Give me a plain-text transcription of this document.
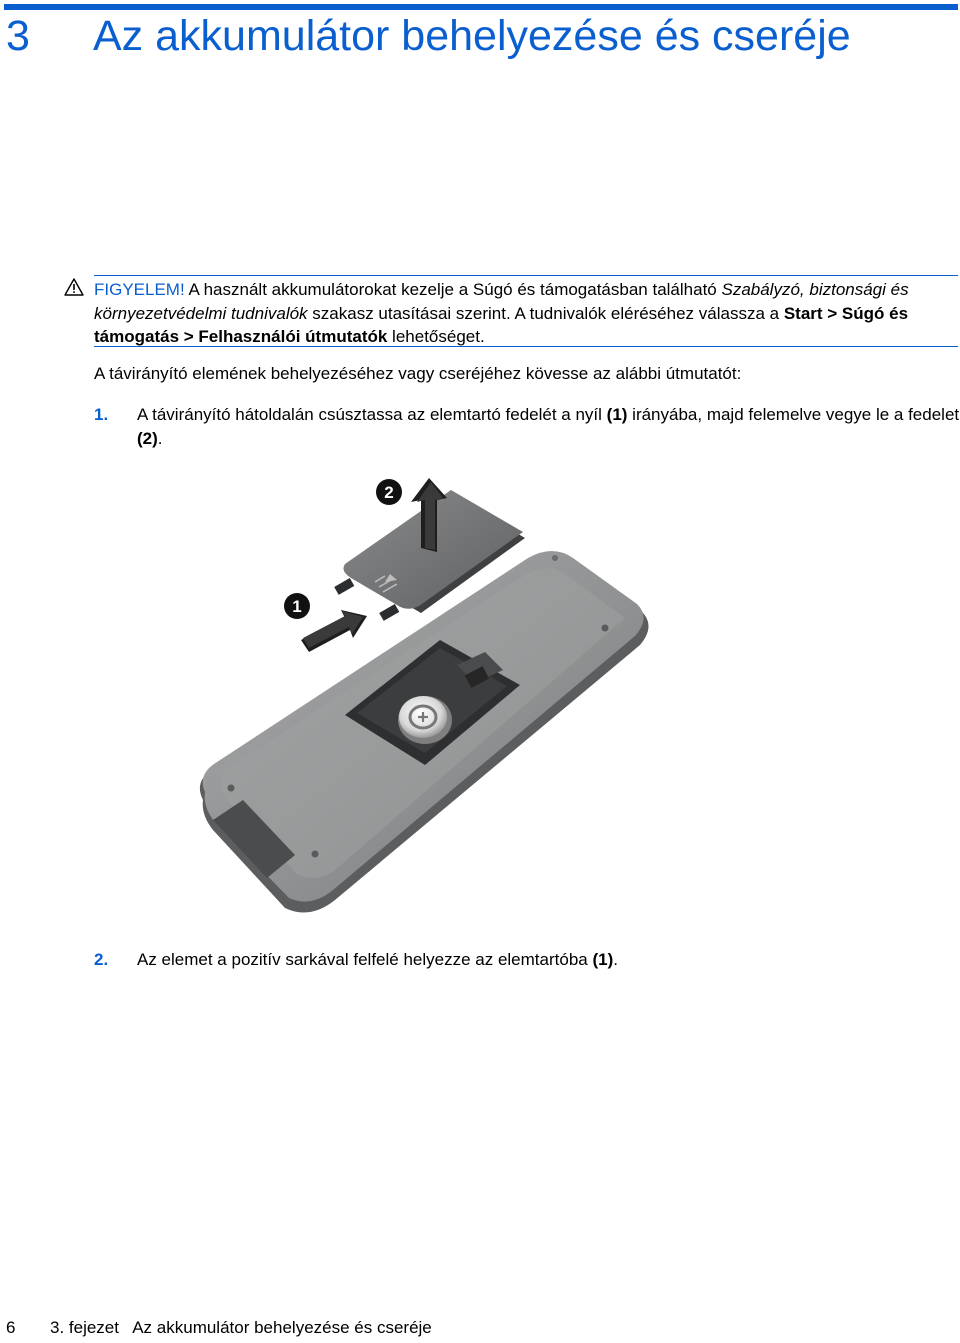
3 Az akkumulátor behelyezése és cseréje

FIGYELEM! A használt akkumulátorokat kezelje a Súgó és támogatásban található Szabályzó, biztonsági és környezetvédelmi tudnivalók szakasz utasításai szerint. A tudnivalók eléréséhez válassza a Start > Súgó és támogatás > Felhasználói útmutatók lehetőséget.

A távirányító elemének behelyezéséhez vagy cseréjéhez kövesse az alábbi útmutatót:

1. A távirányító hátoldalán csúsztassa az elemtartó fedelét a nyíl (1) irányába, majd felemelve vegye le a fedelet (2).

2
1
2. Az elemet a pozitív sarkával felfelé helyezze az elemtartóba (1).

6 3. fejezet   Az akkumulátor behelyezése és cseréje
